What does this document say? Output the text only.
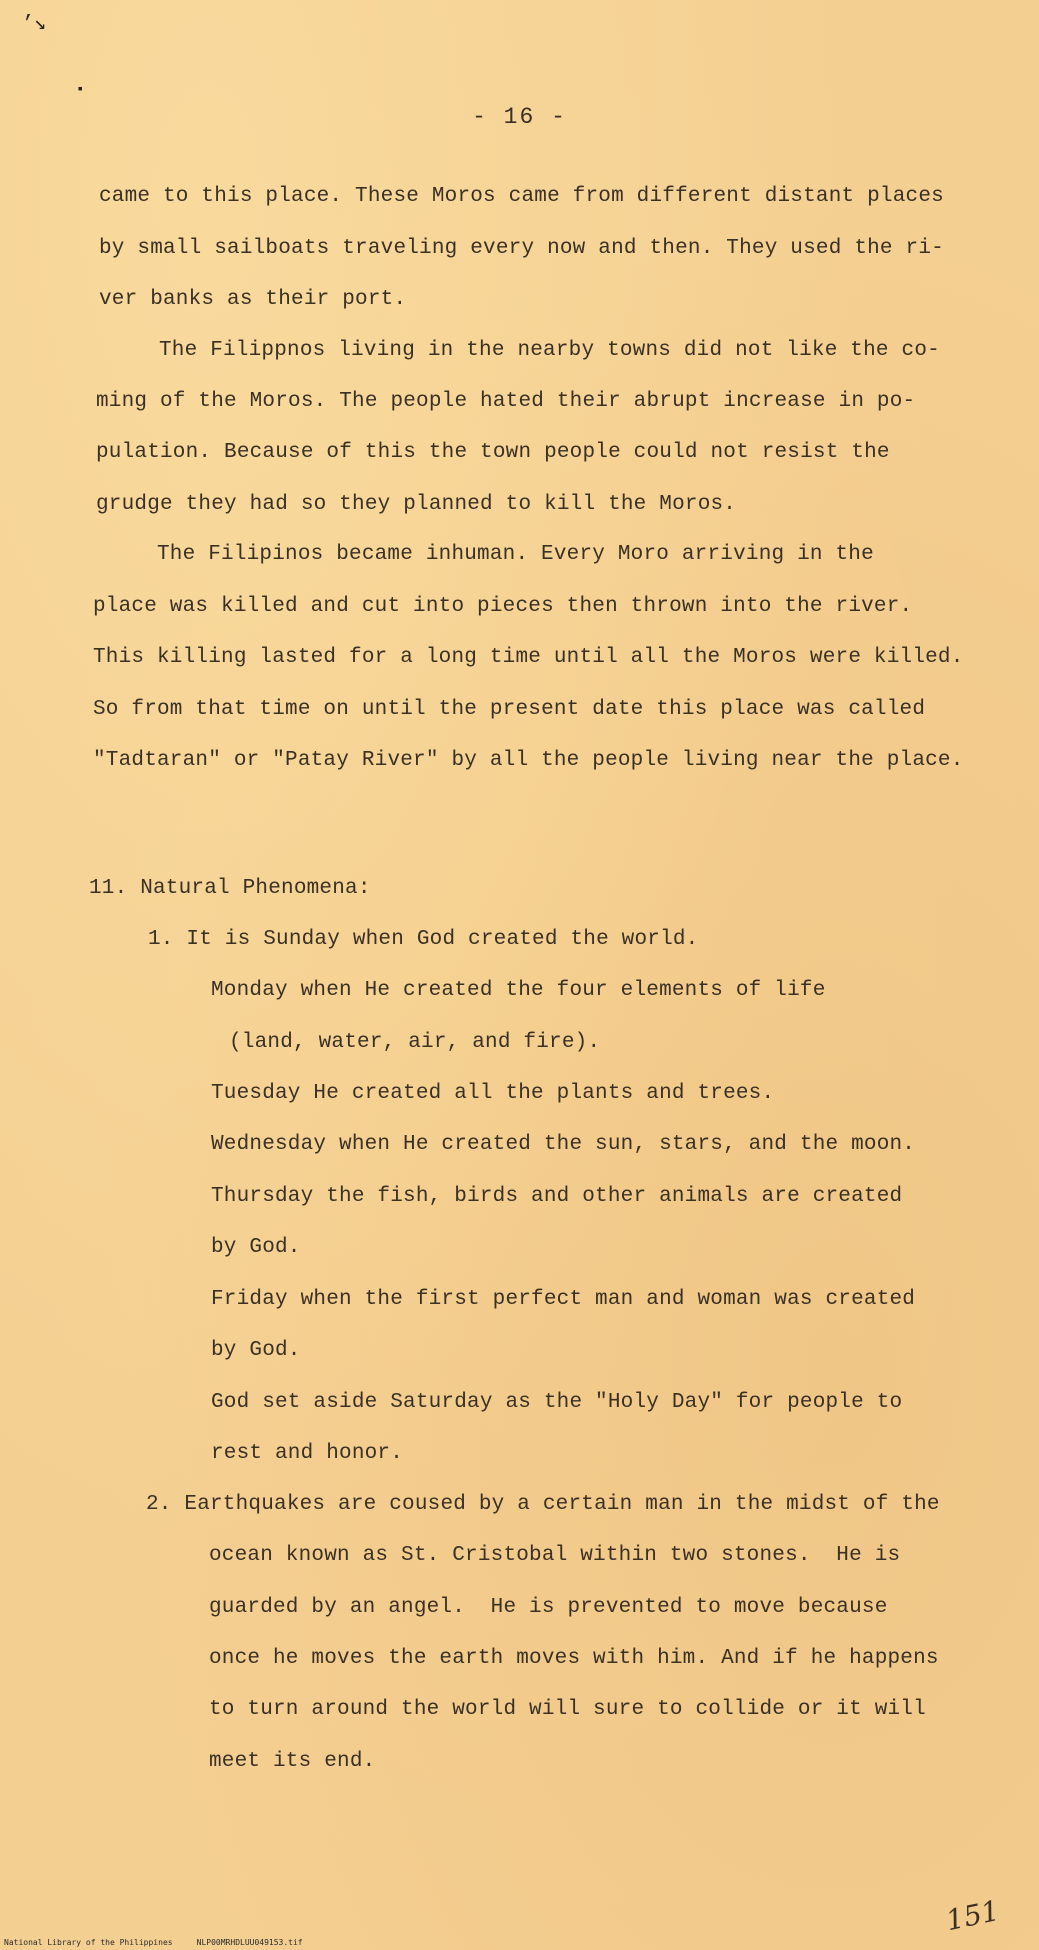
’↘
▪
- 16 -
came to this place. These Moros came from different distant places
by small sailboats traveling every now and then. They used the ri-
ver banks as their port.
The Filippnos living in the nearby towns did not like the co-
ming of the Moros. The people hated their abrupt increase in po-
pulation. Because of this the town people could not resist the
grudge they had so they planned to kill the Moros.
The Filipinos became inhuman. Every Moro arriving in the
place was killed and cut into pieces then thrown into the river.
This killing lasted for a long time until all the Moros were killed.
So from that time on until the present date this place was called
"Tadtaran" or "Patay River" by all the people living near the place.
11. Natural Phenomena:
1. It is Sunday when God created the world.
Monday when He created the four elements of life
(land, water, air, and fire).
Tuesday He created all the plants and trees.
Wednesday when He created the sun, stars, and the moon.
Thursday the fish, birds and other animals are created
by God.
Friday when the first perfect man and woman was created
by God.
God set aside Saturday as the "Holy Day" for people to
rest and honor.
2. Earthquakes are coused by a certain man in the midst of the
ocean known as St. Cristobal within two stones.  He is
guarded by an angel.  He is prevented to move because
once he moves the earth moves with him. And if he happens
to turn around the world will sure to collide or it will
meet its end.
151
National Library of the Philippines     NLP00MRHDLUU049153.tif
